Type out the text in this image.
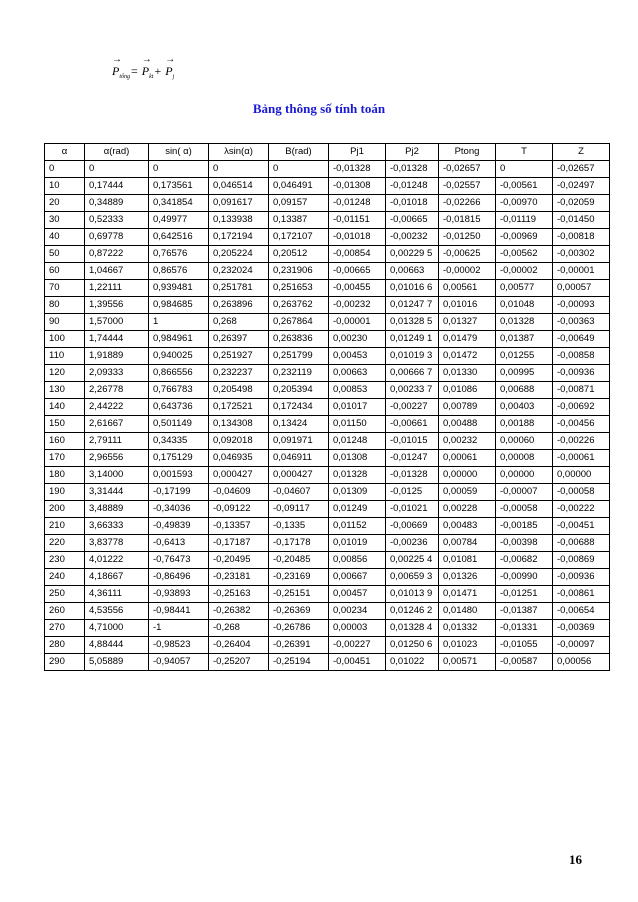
→ $P_{tổng}= \to P_{kt}+ \to P_j$
Bảng thông số tính toán
α	α(rad)	sin( α)	λsin(α)	B(rad)	Pj1	Pj2	Ptong	T	Z
0	0	0	0	0	-0,01328	-0,01328	-0,02657	0	-0,02657
10	0,17444	0,173561	0,046514	0,046491	-0,01308	-0,01248	-0,02557	-0,00561	-0,02497
20	0,34889	0,341854	0,091617	0,09157	-0,01248	-0,01018	-0,02266	-0,00970	-0,02059
30	0,52333	0,49977	0,133938	0,13387	-0,01151	-0,00665	-0,01815	-0,01119	-0,01450
40	0,69778	0,642516	0,172194	0,172107	-0,01018	-0,00232	-0,01250	-0,00969	-0,00818
50	0,87222	0,76576	0,205224	0,20512	-0,00854	0,00229 5	-0,00625	-0,00562	-0,00302
60	1,04667	0,86576	0,232024	0,231906	-0,00665	0,00663	-0,00002	-0,00002	-0,00001
70	1,22111	0,939481	0,251781	0,251653	-0,00455	0,01016 6	0,00561	0,00577	0,00057
80	1,39556	0,984685	0,263896	0,263762	-0,00232	0,01247 7	0,01016	0,01048	-0,00093
90	1,57000	1	0,268	0,267864	-0,00001	0,01328 5	0,01327	0,01328	-0,00363
100	1,74444	0,984961	0,26397	0,263836	0,00230	0,01249 1	0,01479	0,01387	-0,00649
110	1,91889	0,940025	0,251927	0,251799	0,00453	0,01019 3	0,01472	0,01255	-0,00858
120	2,09333	0,866556	0,232237	0,232119	0,00663	0,00666 7	0,01330	0,00995	-0,00936
130	2,26778	0,766783	0,205498	0,205394	0,00853	0,00233 7	0,01086	0,00688	-0,00871
140	2,44222	0,643736	0,172521	0,172434	0,01017	-0,00227	0,00789	0,00403	-0,00692
150	2,61667	0,501149	0,134308	0,13424	0,01150	-0,00661	0,00488	0,00188	-0,00456
160	2,79111	0,34335	0,092018	0,091971	0,01248	-0,01015	0,00232	0,00060	-0,00226
170	2,96556	0,175129	0,046935	0,046911	0,01308	-0,01247	0,00061	0,00008	-0,00061
180	3,14000	0,001593	0,000427	0,000427	0,01328	-0,01328	0,00000	0,00000	0,00000
190	3,31444	-0,17199	-0,04609	-0,04607	0,01309	-0,0125	0,00059	-0,00007	-0,00058
200	3,48889	-0,34036	-0,09122	-0,09117	0,01249	-0,01021	0,00228	-0,00058	-0,00222
210	3,66333	-0,49839	-0,13357	-0,1335	0,01152	-0,00669	0,00483	-0,00185	-0,00451
220	3,83778	-0,6413	-0,17187	-0,17178	0,01019	-0,00236	0,00784	-0,00398	-0,00688
230	4,01222	-0,76473	-0,20495	-0,20485	0,00856	0,00225 4	0,01081	-0,00682	-0,00869
240	4,18667	-0,86496	-0,23181	-0,23169	0,00667	0,00659 3	0,01326	-0,00990	-0,00936
250	4,36111	-0,93893	-0,25163	-0,25151	0,00457	0,01013 9	0,01471	-0,01251	-0,00861
260	4,53556	-0,98441	-0,26382	-0,26369	0,00234	0,01246 2	0,01480	-0,01387	-0,00654
270	4,71000	-1	-0,268	-0,26786	0,00003	0,01328 4	0,01332	-0,01331	-0,00369
280	4,88444	-0,98523	-0,26404	-0,26391	-0,00227	0,01250 6	0,01023	-0,01055	-0,00097
290	5,05889	-0,94057	-0,25207	-0,25194	-0,00451	0,01022	0,00571	-0,00587	0,00056
16
